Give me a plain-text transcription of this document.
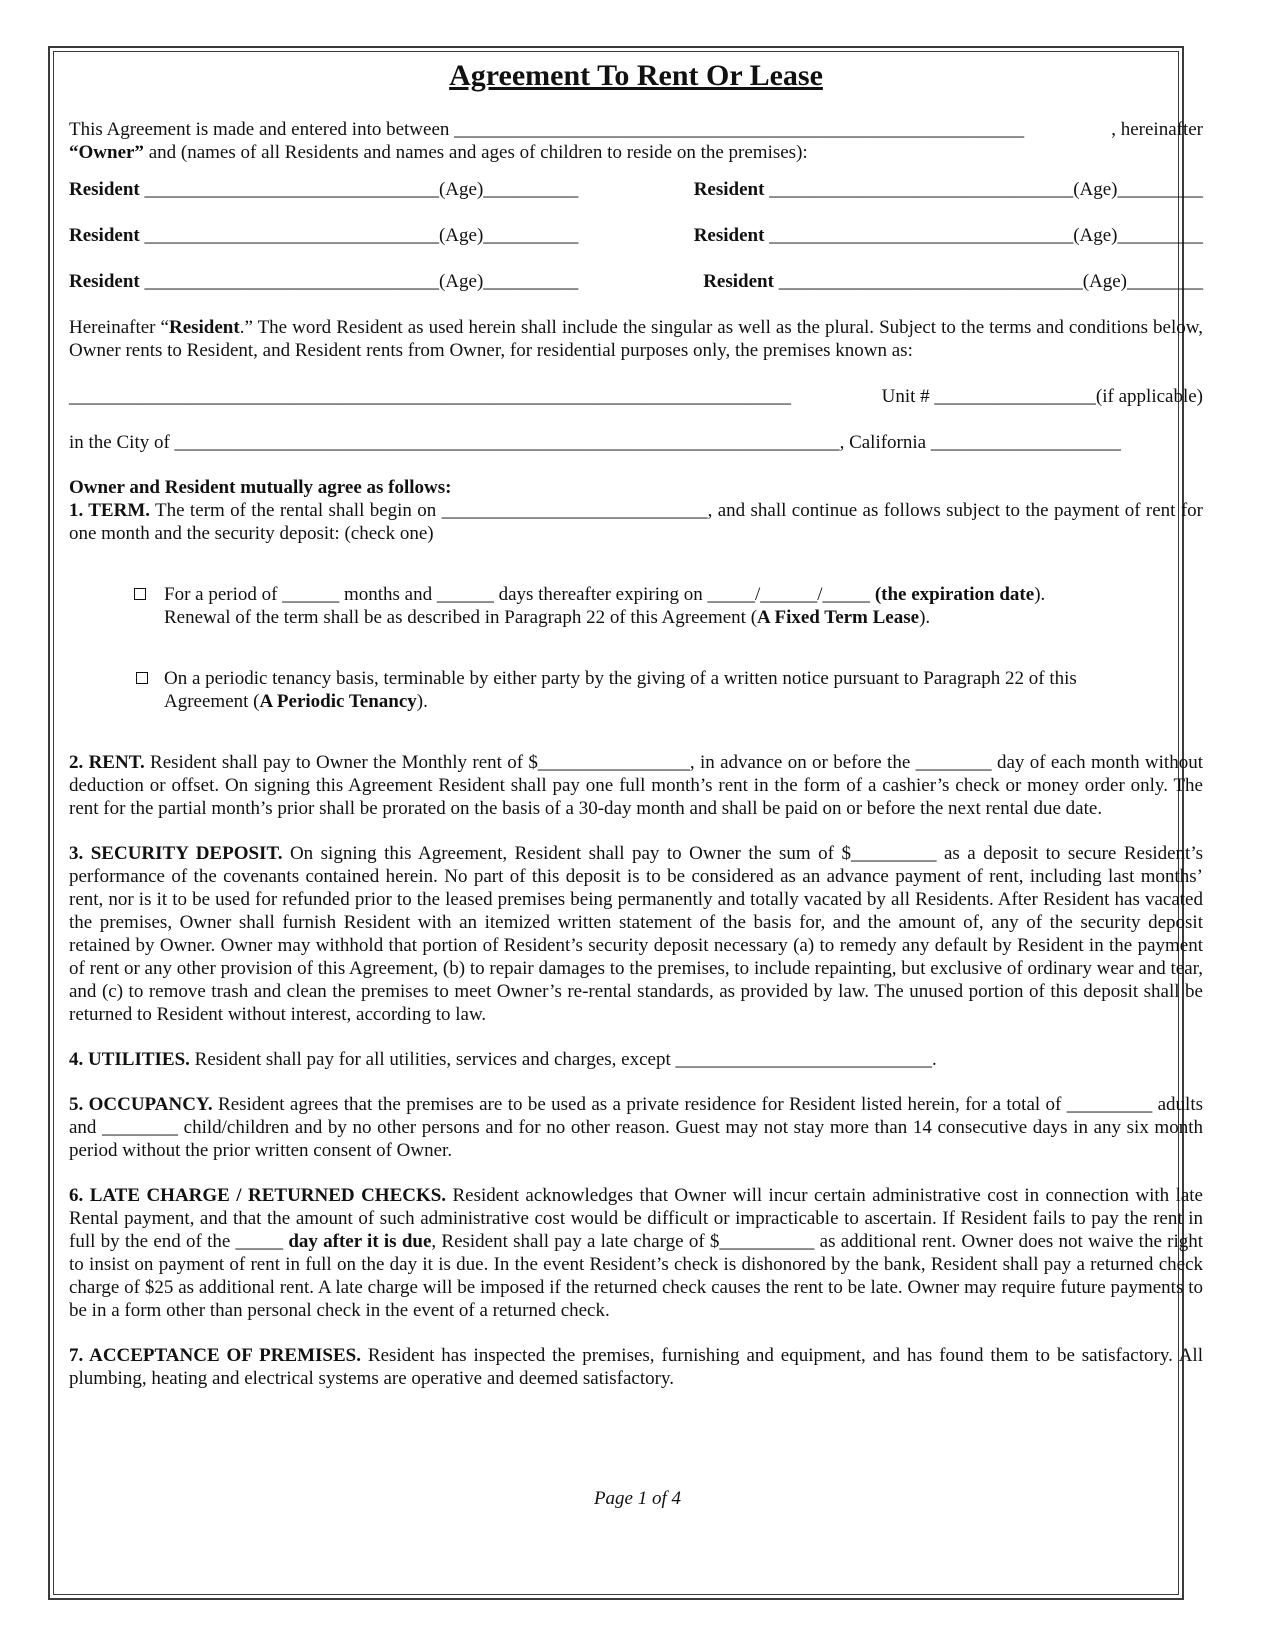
Agreement To Rent Or Lease
This Agreement is made and entered into between ____________________________________________________________	, hereinafter
“Owner” and (names of all Residents and names and ages of children to reside on the premises):
Resident _______________________________(Age)__________	Resident ________________________________(Age)_________
Resident _______________________________(Age)__________	Resident ________________________________(Age)_________
Resident _______________________________(Age)__________	Resident ________________________________(Age)________
Hereinafter “Resident.” The word Resident as used herein shall include the singular as well as the plural. Subject to the terms and conditions below, Owner rents to Resident, and Resident rents from Owner, for residential purposes only, the premises known as:
____________________________________________________________________________	Unit # _________________(if applicable)
in the City of ______________________________________________________________________ , California ____________________
Owner and Resident mutually agree as follows:
1. TERM. The term of the rental shall begin on ____________________________, and shall continue as follows subject to the payment of rent for one month and the security deposit: (check one)
For a period of ______ months and ______ days thereafter expiring on _____/______/_____ (the expiration date).
Renewal of the term shall be as described in Paragraph 22 of this Agreement (A Fixed Term Lease).
On a periodic tenancy basis, terminable by either party by the giving of a written notice pursuant to Paragraph 22 of this
Agreement (A Periodic Tenancy).
2. RENT. Resident shall pay to Owner the Monthly rent of $________________, in advance on or before the ________ day of each month without deduction or offset. On signing this Agreement Resident shall pay one full month’s rent in the form of a cashier’s check or money order only. The rent for the partial month’s prior shall be prorated on the basis of a 30-day month and shall be paid on or before the next rental due date.
3. SECURITY DEPOSIT. On signing this Agreement, Resident shall pay to Owner the sum of $_________ as a deposit to secure Resident’s performance of the covenants contained herein. No part of this deposit is to be considered as an advance payment of rent, including last months’ rent, nor is it to be used for refunded prior to the leased premises being permanently and totally vacated by all Residents. After Resident has vacated the premises, Owner shall furnish Resident with an itemized written statement of the basis for, and the amount of, any of the security deposit retained by Owner. Owner may withhold that portion of Resident’s security deposit necessary (a) to remedy any default by Resident in the payment of rent or any other provision of this Agreement, (b) to repair damages to the premises, to include repainting, but exclusive of ordinary wear and tear, and (c) to remove trash and clean the premises to meet Owner’s re-rental standards, as provided by law. The unused portion of this deposit shall be returned to Resident without interest, according to law.
4. UTILITIES. Resident shall pay for all utilities, services and charges, except ___________________________.
5. OCCUPANCY. Resident agrees that the premises are to be used as a private residence for Resident listed herein, for a total of _________ adults and ________ child/children and by no other persons and for no other reason. Guest may not stay more than 14 consecutive days in any six month period without the prior written consent of Owner.
6. LATE CHARGE / RETURNED CHECKS. Resident acknowledges that Owner will incur certain administrative cost in connection with late Rental payment, and that the amount of such administrative cost would be difficult or impracticable to ascertain. If Resident fails to pay the rent in full by the end of the _____ day after it is due, Resident shall pay a late charge of $__________ as additional rent. Owner does not waive the right to insist on payment of rent in full on the day it is due. In the event Resident’s check is dishonored by the bank, Resident shall pay a returned check charge of $25 as additional rent. A late charge will be imposed if the returned check causes the rent to be late. Owner may require future payments to be in a form other than personal check in the event of a returned check.
7. ACCEPTANCE OF PREMISES. Resident has inspected the premises, furnishing and equipment, and has found them to be satisfactory. All plumbing, heating and electrical systems are operative and deemed satisfactory.
Page 1 of 4
